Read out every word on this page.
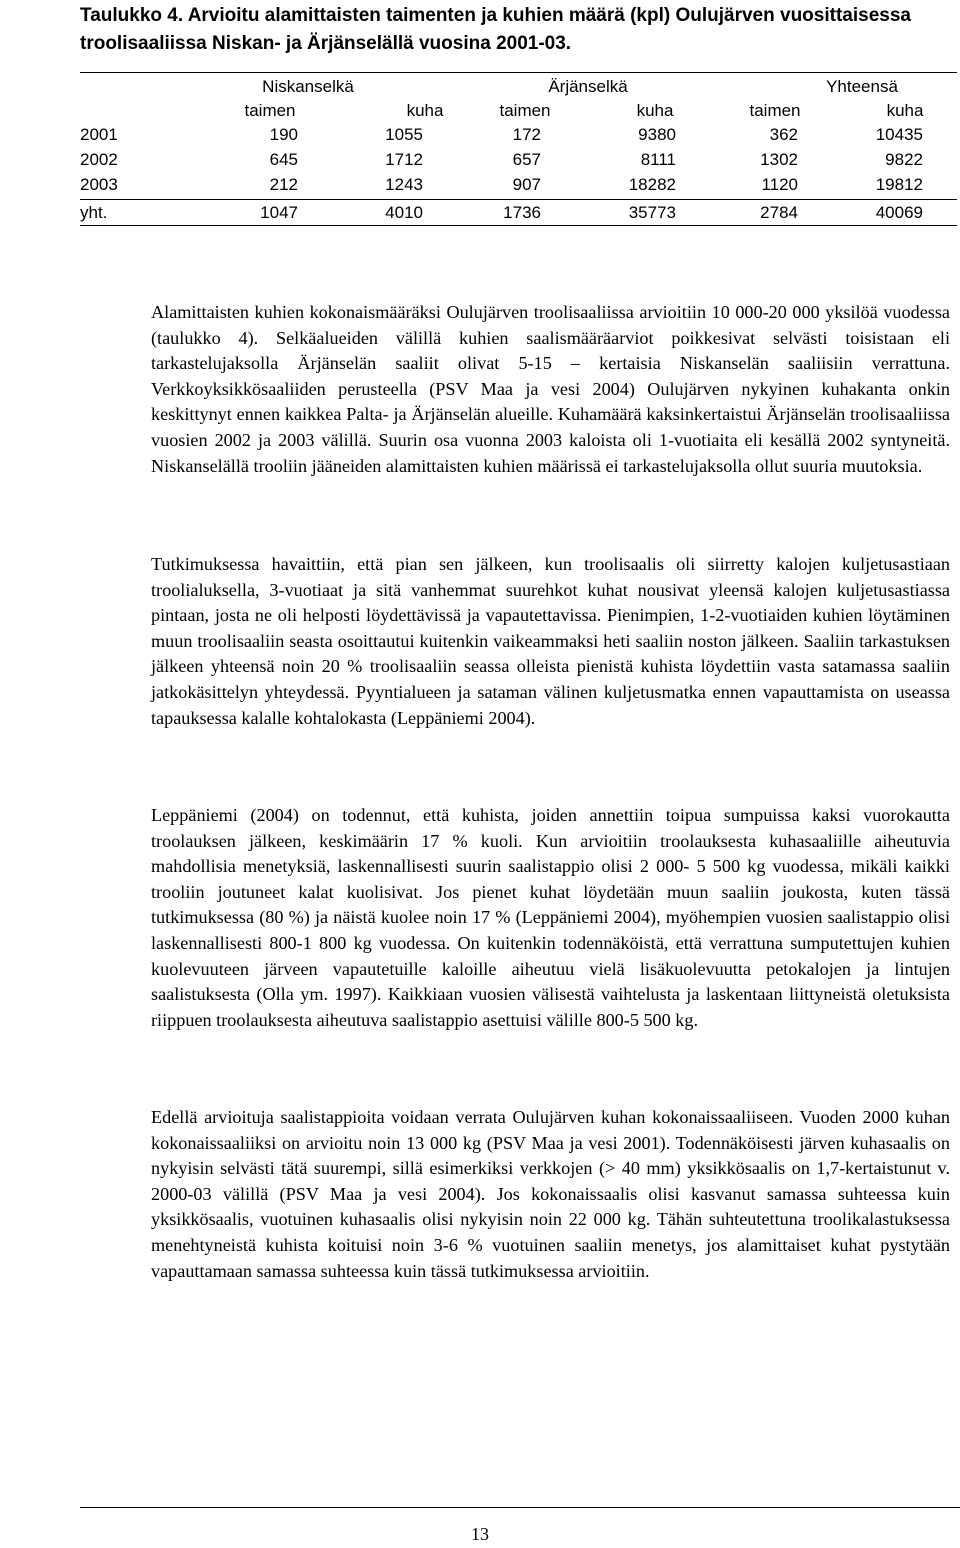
Taulukko 4. Arvioitu alamittaisten taimenten ja kuhien määrä (kpl) Oulujärven vuosittaisessa troolisaaliissa Niskan- ja Ärjänselällä vuosina 2001-03.
Niskanselkä	Ärjänselkä	Yhteensä
taimen	kuha	taimen	kuha	taimen	kuha
2001	190	1055	172	9380	362	10435
2002	645	1712	657	8111	1302	9822
2003	212	1243	907	18282	1120	19812
yht.	1047	4010	1736	35773	2784	40069
Alamittaisten kuhien kokonaismääräksi Oulujärven troolisaaliissa arvioitiin 10 000-20 000 yksilöä vuodessa (taulukko 4). Selkäalueiden välillä kuhien saalismääräarviot poikkesivat selvästi toisistaan eli tarkastelujaksolla Ärjänselän saaliit olivat 5-15 – kertaisia Niskanselän saaliisiin verrattuna. Verkkoyksikkösaaliiden perusteella (PSV Maa ja vesi 2004) Oulujärven nykyinen kuhakanta onkin keskittynyt ennen kaikkea Palta- ja Ärjänselän alueille. Kuhamäärä kaksinkertaistui Ärjänselän troolisaaliissa vuosien 2002 ja 2003 välillä. Suurin osa vuonna 2003 kaloista oli 1-vuotiaita eli kesällä 2002 syntyneitä. Niskanselällä trooliin jääneiden alamittaisten kuhien määrissä ei tarkastelujaksolla ollut suuria muutoksia.
Tutkimuksessa havaittiin, että pian sen jälkeen, kun troolisaalis oli siirretty kalojen kuljetusastiaan troolialuksella, 3-vuotiaat ja sitä vanhemmat suurehkot kuhat nousivat yleensä kalojen kuljetusastiassa pintaan, josta ne oli helposti löydettävissä ja vapautettavissa. Pienimpien, 1-2-vuotiaiden kuhien löytäminen muun troolisaaliin seasta osoittautui kuitenkin vaikeammaksi heti saaliin noston jälkeen. Saaliin tarkastuksen jälkeen yhteensä noin 20 % troolisaaliin seassa olleista pienistä kuhista löydettiin vasta satamassa saaliin jatkokäsittelyn yhteydessä. Pyyntialueen ja sataman välinen kuljetusmatka ennen vapauttamista on useassa tapauksessa kalalle kohtalokasta (Leppäniemi 2004).
Leppäniemi (2004) on todennut, että kuhista, joiden annettiin toipua sumpuissa kaksi vuorokautta troolauksen jälkeen, keskimäärin 17 % kuoli. Kun arvioitiin troolauksesta kuhasaaliille aiheutuvia mahdollisia menetyksiä, laskennallisesti suurin saalistappio olisi 2 000- 5 500 kg vuodessa, mikäli kaikki trooliin joutuneet kalat kuolisivat. Jos pienet kuhat löydetään muun saaliin joukosta, kuten tässä tutkimuksessa (80 %) ja näistä kuolee noin 17 % (Leppäniemi 2004), myöhempien vuosien saalistappio olisi laskennallisesti 800-1 800 kg vuodessa. On kuitenkin todennäköistä, että verrattuna sumputettujen kuhien kuolevuuteen järveen vapautetuille kaloille aiheutuu vielä lisäkuolevuutta petokalojen ja lintujen saalistuksesta (Olla ym. 1997). Kaikkiaan vuosien välisestä vaihtelusta ja laskentaan liittyneistä oletuksista riippuen troolauksesta aiheutuva saalistappio asettuisi välille 800-5 500 kg.
Edellä arvioituja saalistappioita voidaan verrata Oulujärven kuhan kokonaissaaliiseen. Vuoden 2000 kuhan kokonaissaaliiksi on arvioitu noin 13 000 kg (PSV Maa ja vesi 2001). Todennäköisesti järven kuhasaalis on nykyisin selvästi tätä suurempi, sillä esimerkiksi verkkojen (> 40 mm) yksikkösaalis on 1,7-kertaistunut v. 2000-03 välillä (PSV Maa ja vesi 2004). Jos kokonaissaalis olisi kasvanut samassa suhteessa kuin yksikkösaalis, vuotuinen kuhasaalis olisi nykyisin noin 22 000 kg. Tähän suhteutettuna troolikalastuksessa menehtyneistä kuhista koituisi noin 3-6 % vuotuinen saaliin menetys, jos alamittaiset kuhat pystytään vapauttamaan samassa suhteessa kuin tässä tutkimuksessa arvioitiin.
13
